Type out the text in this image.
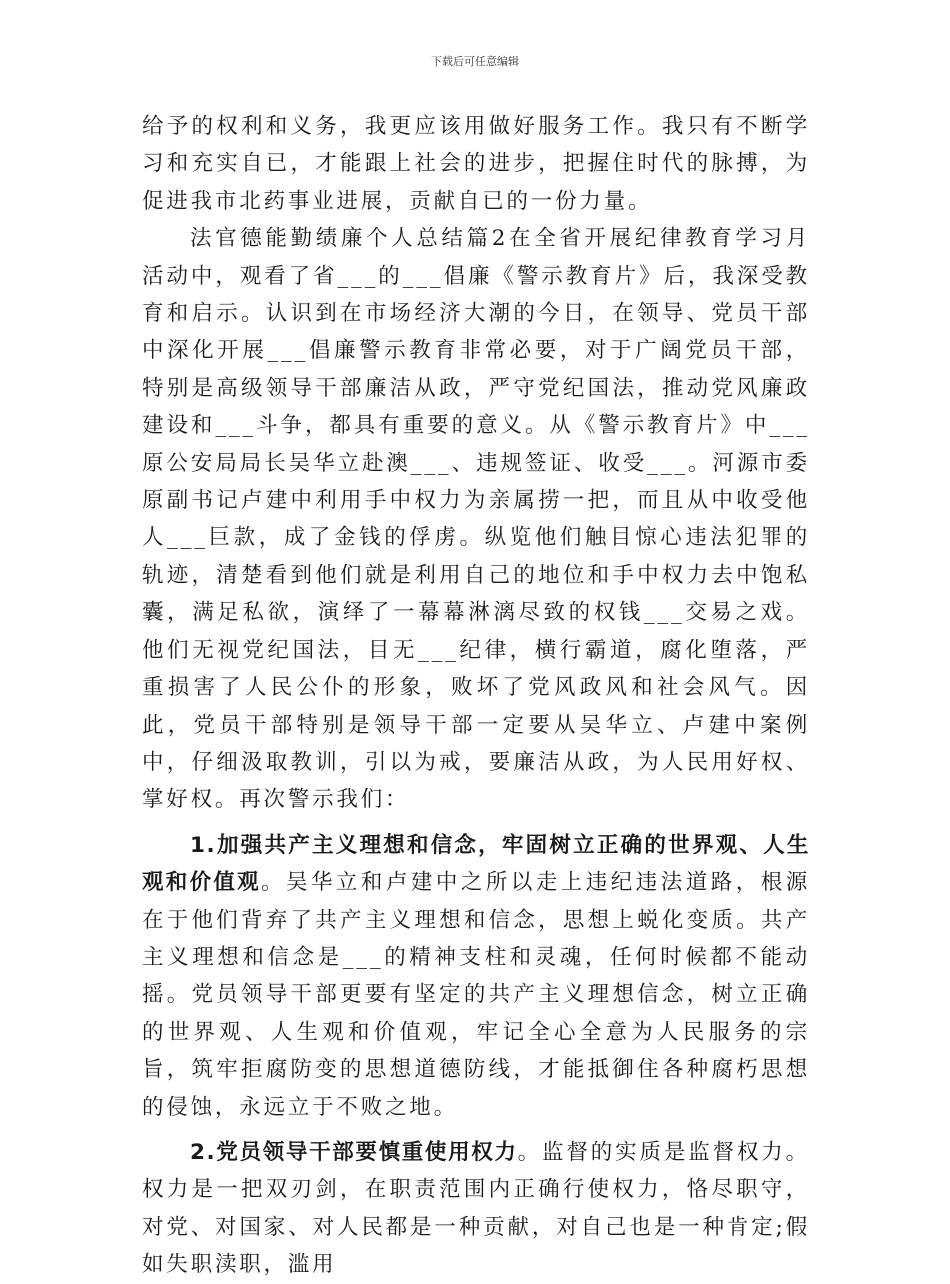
下载后可任意编辑

给予的权利和义务，我更应该用做好服务工作。我只有不断学习和充实自已，才能跟上社会的进步，把握住时代的脉搏，为促进我市北药事业进展，贡献自已的一份力量。

法官德能勤绩廉个人总结篇2在全省开展纪律教育学习月活动中，观看了省___的___倡廉《警示教育片》后，我深受教育和启示。认识到在市场经济大潮的今日，在领导、党员干部中深化开展___倡廉警示教育非常必要，对于广阔党员干部，特别是高级领导干部廉洁从政，严守党纪国法，推动党风廉政建设和___斗争，都具有重要的意义。从《警示教育片》中___原公安局局长吴华立赴澳___、违规签证、收受___。河源市委原副书记卢建中利用手中权力为亲属捞一把，而且从中收受他人___巨款，成了金钱的俘虏。纵览他们触目惊心违法犯罪的轨迹，清楚看到他们就是利用自己的地位和手中权力去中饱私囊，满足私欲，演绎了一幕幕淋漓尽致的权钱___交易之戏。他们无视党纪国法，目无___纪律，横行霸道，腐化堕落，严重损害了人民公仆的形象，败坏了党风政风和社会风气。因此，党员干部特别是领导干部一定要从吴华立、卢建中案例中，仔细汲取教训，引以为戒，要廉洁从政，为人民用好权、掌好权。再次警示我们：

1.加强共产主义理想和信念，牢固树立正确的世界观、人生观和价值观。吴华立和卢建中之所以走上违纪违法道路，根源在于他们背弃了共产主义理想和信念，思想上蜕化变质。共产主义理想和信念是___的精神支柱和灵魂，任何时候都不能动摇。党员领导干部更要有坚定的共产主义理想信念，树立正确的世界观、人生观和价值观，牢记全心全意为人民服务的宗旨，筑牢拒腐防变的思想道德防线，才能抵御住各种腐朽思想的侵蚀，永远立于不败之地。

2.党员领导干部要慎重使用权力。监督的实质是监督权力。权力是一把双刃剑，在职责范围内正确行使权力，恪尽职守，对党、对国家、对人民都是一种贡献，对自己也是一种肯定;假如失职渎职，滥用
